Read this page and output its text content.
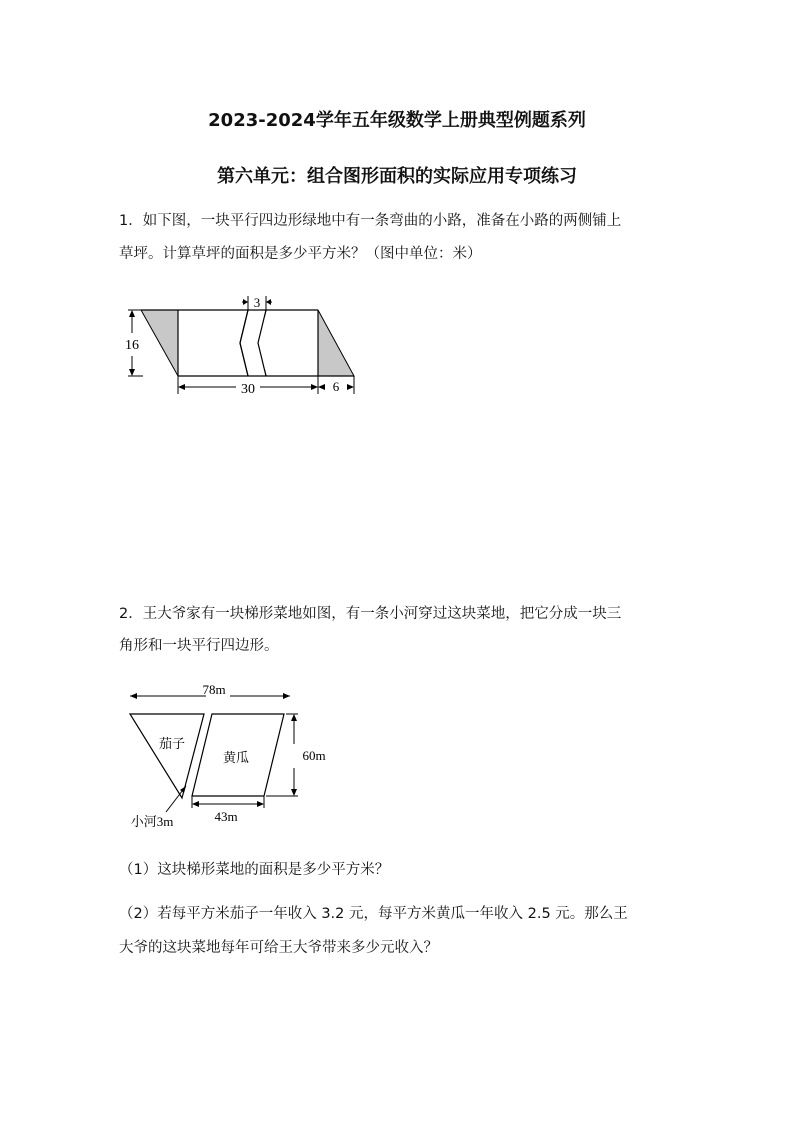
2023-2024学年五年级数学上册典型例题系列
第六单元：组合图形面积的实际应用专项练习
1．如下图，一块平行四边形绿地中有一条弯曲的小路，准备在小路的两侧铺上
草坪。计算草坪的面积是多少平方米？（图中单位：米）
3
16
30	6
2．王大爷家有一块梯形菜地如图，有一条小河穿过这块菜地，把它分成一块三
角形和一块平行四边形。
78m
茄子
黄瓜	60m
43m
小河3m
（1）这块梯形菜地的面积是多少平方米？
（2）若每平方米茄子一年收入 3.2 元，每平方米黄瓜一年收入 2.5 元。那么王
大爷的这块菜地每年可给王大爷带来多少元收入？
